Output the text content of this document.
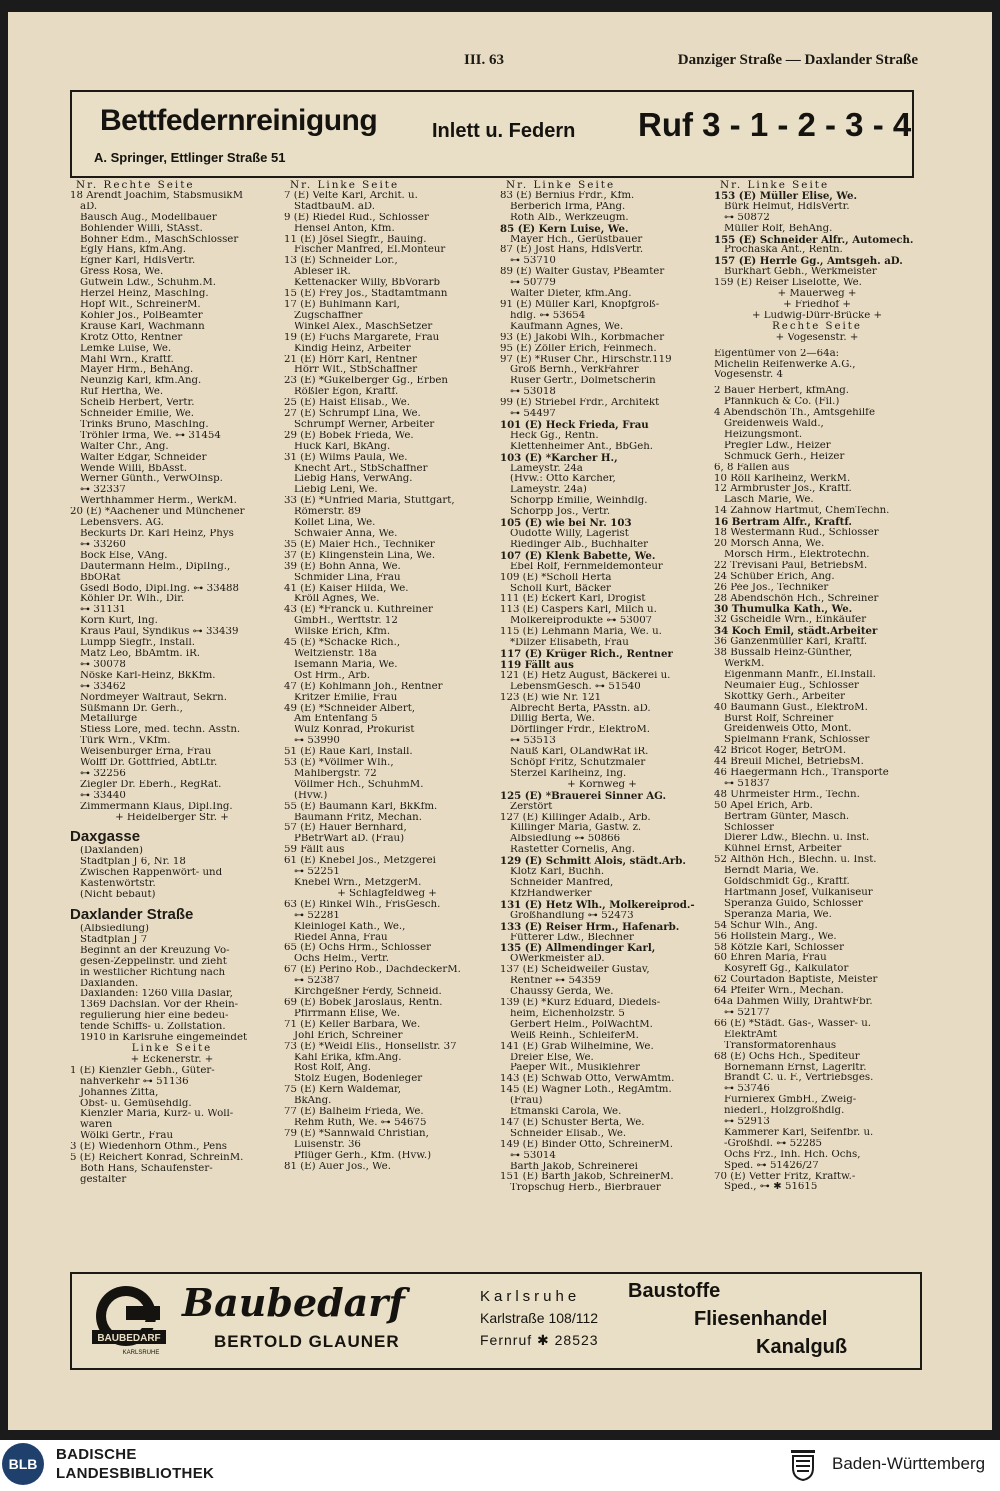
III. 63	Danziger Straße — Daxlander Straße
Bettfedernreinigung	Inlett u. Federn Ruf 3 - 1 - 2 - 3 - 4
A. Springer, Ettlinger Straße 51
Nr. Rechte Seite
18 Arendt Joachim, StabsmusikM
aD.
Bausch Aug., Modellbauer
Bohlender Willi, StAsst.
Bohner Edm., MaschSchlosser
Egly Hans, kfm.Ang.
Egner Karl, HdlsVertr.
Gress Rosa, We.
Gutwein Ldw., Schuhm.M.
Herzel Heinz, MaschIng.
Hopf Wlt., SchreinerM.
Kohler Jos., PolBeamter
Krause Karl, Wachmann
Krotz Otto, Rentner
Lemke Luise, We.
Mahl Wrn., Kraftf.
Mayer Hrm., BehAng.
Neunzig Karl, kfm.Ang.
Ruf Hertha, We.
Scheib Herbert, Vertr.
Schneider Emilie, We.
Trinks Bruno, MaschIng.
Tröhler Irma, We. ⊶ 31454
Walter Chr., Ang.
Walter Edgar, Schneider
Wende Willi, BbAsst.
Werner Günth., VerwOInsp.
⊶ 32337
Werthhammer Herm., WerkM.
20 (E) *Aachener und Münchener
Lebensvers. AG.
Beckurts Dr. Karl Heinz, Phys
⊶ 33260
Bock Else, VAng.
Dautermann Helm., DiplIng.,
BbORat
Gsedl Bodo, Dipl.Ing. ⊶ 33488
Köhler Dr. Wlh., Dir.
⊶ 31131
Korn Kurt, Ing.
Kraus Paul, Syndikus ⊶ 33439
Lumpp Siegfr., Install.
Matz Leo, BbAmtm. iR.
⊶ 30078
Nöske Karl-Heinz, BkKfm.
⊶ 33462
Nordmeyer Waltraut, Sekrn.
Süßmann Dr. Gerh.,
Metallurge
Stiess Lore, med. techn. Asstn.
Türk Wrn., VKfm.
Weisenburger Erna, Frau
Wolff Dr. Gottfried, AbtLtr.
⊶ 32256
Ziegler Dr. Eberh., RegRat.
⊶ 33440
Zimmermann Klaus, Dipl.Ing.
+ Heidelberger Str. +
Daxgasse
(Daxlanden)
Stadtplan J 6, Nr. 18
Zwischen Rappenwört- und
Kastenwörtstr.
(Nicht bebaut)
Daxlander Straße
(Albsiedlung)
Stadtplan J 7
Beginnt an der Kreuzung Vo-
gesen-Zeppelinstr. und zieht
in westlicher Richtung nach
Daxlanden.
Daxlanden: 1260 Villa Daslar,
1369 Dachslan. Vor der Rhein-
regulierung hier eine bedeu-
tende Schiffs- u. Zollstation.
1910 in Karlsruhe eingemeindet
Linke Seite
+ Eckenerstr. +
1 (E) Kienzler Gebh., Güter-
nahverkehr ⊶ 51136
Johannes Zitta,
Obst- u. Gemüsehdlg.
Kienzler Maria, Kurz- u. Woll-
waren
Wölki Gertr., Frau
3 (E) Wiedenhorn Othm., Pens
5 (E) Reichert Konrad, SchreinM.
Both Hans, Schaufenster-
gestalter
Nr. Linke Seite
7 (E) Velte Karl, Archit. u.
StadtbauM. aD.
9 (E) Riedel Rud., Schlosser
Hensel Anton, Kfm.
11 (E) Jösel Siegfr., Bauing.
Fischer Manfred, El.Monteur
13 (E) Schneider Lor.,
Ableser iR.
Kettenacker Willy, BbVorarb
15 (E) Frey Jos., Stadtamtmann
17 (E) Buhlmann Karl,
Zugschaffner
Winkel Alex., MaschSetzer
19 (E) Fuchs Margarete, Frau
Kindig Heinz, Arbeiter
21 (E) Hörr Karl, Rentner
Hörr Wlt., StbSchaffner
23 (E) *Gukelberger Gg., Erben
Rößler Egon, Kraftf.
25 (E) Haist Elisab., We.
27 (E) Schrumpf Lina, We.
Schrumpf Werner, Arbeiter
29 (E) Bobek Frieda, We.
Huck Karl, BkAng.
31 (E) Wilms Paula, We.
Knecht Art., StbSchaffner
Liebig Hans, VerwAng.
Liebig Leni, We.
33 (E) *Unfried Maria, Stuttgart,
Römerstr. 89
Kollet Lina, We.
Schwaier Anna, We.
35 (E) Maier Hch., Techniker
37 (E) Klingenstein Lina, We.
39 (E) Bohn Anna, We.
Schmider Lina, Frau
41 (E) Kaiser Hilda, We.
Kröll Agnes, We.
43 (E) *Franck u. Kuthreiner
GmbH., Werftstr. 12
Wilske Erich, Kfm.
45 (E) *Schacke Rich.,
Weltzienstr. 18a
Isemann Maria, We.
Ost Hrm., Arb.
47 (E) Kohlmann Joh., Rentner
Kritzer Emilie, Frau
49 (E) *Schneider Albert,
Am Entenfang 5
Wulz Konrad, Prokurist
⊶ 53990
51 (E) Raue Karl, Install.
53 (E) *Völlmer Wlh.,
Mahlbergstr. 72
Völlmer Hch., SchuhmM.
(Hvw.)
55 (E) Baumann Karl, BkKfm.
Baumann Fritz, Mechan.
57 (E) Hauer Bernhard,
PBetrWart aD. (Frau)
59 Fällt aus
61 (E) Knebel Jos., Metzgerei
⊶ 52251
Knebel Wrn., MetzgerM.
+ Schlagfeldweg +
63 (E) Rinkel Wlh., FrisGesch.
⊶ 52281
Kleinlogel Kath., We.,
Riedel Anna, Frau
65 (E) Ochs Hrm., Schlosser
Ochs Helm., Vertr.
67 (E) Perino Rob., DachdeckerM.
⊶ 52387
Kirchgeßner Ferdy, Schneid.
69 (E) Bobek Jaroslaus, Rentn.
Pfirrmann Elise, We.
71 (E) Keller Barbara, We.
Johl Erich, Schreiner
73 (E) *Weidl Elis., Honsellstr. 37
Kahl Erika, kfm.Ang.
Rost Rolf, Ang.
Stolz Eugen, Bodenleger
75 (E) Kern Waldemar,
BkAng.
77 (E) Balheim Frieda, We.
Rehm Ruth, We. ⊶ 54675
79 (E) *Sannwald Christian,
Luisenstr. 36
Pflüger Gerh., Kfm. (Hvw.)
81 (E) Auer Jos., We.
Nr. Linke Seite
83 (E) Bernius Frdr., Kfm.
Berberich Irma, PAng.
Roth Alb., Werkzeugm.
85 (E) Kern Luise, We.
Mayer Hch., Gerüstbauer
87 (E) Jost Hans, HdlsVertr.
⊶ 53710
89 (E) Walter Gustav, PBeamter
⊶ 50779
Walter Dieter, kfm.Ang.
91 (E) Müller Karl, Knopfgroß-
hdlg. ⊶ 53654
Kaufmann Agnes, We.
93 (E) Jakobi Wlh., Korbmacher
95 (E) Zöller Erich, Feinmech.
97 (E) *Ruser Chr., Hirschstr.119
Groß Bernh., VerkFahrer
Ruser Gertr., Dolmetscherin
⊶ 53018
99 (E) Striebel Frdr., Architekt
⊶ 54497
101 (E) Heck Frieda, Frau
Heck Gg., Rentn.
Klettenheimer Ant., BbGeh.
103 (E) *Karcher H.,
Lameystr. 24a
(Hvw.: Otto Karcher,
Lameystr. 24a)
Schorpp Emilie, Weinhdlg.
Schorpp Jos., Vertr.
105 (E) wie bei Nr. 103
Oudotte Willy, Lagerist
Riedinger Alb., Buchhalter
107 (E) Klenk Babette, We.
Ebel Rolf, Fernmeldemonteur
109 (E) *Scholl Herta
Scholl Kurt, Bäcker
111 (E) Eckert Karl, Drogist
113 (E) Caspers Karl, Milch u.
Molkereiprodukte ⊶ 53007
115 (E) Lehmann Maria, We. u.
*Dilzer Elisabeth, Frau
117 (E) Krüger Rich., Rentner
119 Fällt aus
121 (E) Hetz August, Bäckerei u.
LebensmGesch. ⊶ 51540
123 (E) wie Nr. 121
Albrecht Berta, PAsstn. aD.
Dillig Berta, We.
Dörflinger Frdr., ElektroM.
⊶ 53513
Nauß Karl, OLandwRat iR.
Schöpf Fritz, Schutzmaler
Sterzel Karlheinz, Ing.
+ Kornweg +
125 (E) *Brauerei Sinner AG.
Zerstört
127 (E) Killinger Adalb., Arb.
Killinger Maria, Gastw. z.
Albsiedlung ⊶ 50866
Rastetter Cornelis, Ang.
129 (E) Schmitt Alois, städt.Arb.
Klotz Karl, Buchh.
Schneider Manfred,
KfzHandwerker
131 (E) Hetz Wlh., Molkereiprod.-
Großhandlung ⊶ 52473
133 (E) Reiser Hrm., Hafenarb.
Fütterer Ldw., Blechner
135 (E) Allmendinger Karl,
OWerkmeister aD.
137 (E) Scheidweiler Gustav,
Rentner ⊶ 54359
Chaussy Gerda, We.
139 (E) *Kurz Eduard, Diedels-
heim, Eichenholzstr. 5
Gerbert Helm., PolWachtM.
Weiß Reinh., SchleiferM.
141 (E) Grab Wilhelmine, We.
Dreier Else, We.
Paeper Wlt., Musiklehrer
143 (E) Schwab Otto, VerwAmtm.
145 (E) Wagner Loth., RegAmtm.
(Frau)
Etmanski Carola, We.
147 (E) Schuster Berta, We.
Schneider Elisab., We.
149 (E) Binder Otto, SchreinerM.
⊶ 53014
Barth Jakob, Schreinerei
151 (E) Barth Jakob, SchreinerM.
Tropschug Herb., Bierbrauer
Nr. Linke Seite
153 (E) Müller Elise, We.
Bürk Helmut, HdlsVertr.
⊶ 50872
Müller Rolf, BehAng.
155 (E) Schneider Alfr., Automech.
Prochaska Ant., Rentn.
157 (E) Herrle Gg., Amtsgeh. aD.
Burkhart Gebh., Werkmeister
159 (E) Reiser Liselotte, We.
+ Mauerweg +
+ Friedhof +
+ Ludwig-Dürr-Brücke +
Rechte Seite
+ Vogesenstr. +
Eigentümer von 2—64a:
Michelin Reifenwerke A.G.,
Vogesenstr. 4
2 Bauer Herbert, kfmAng.
Pfannkuch & Co. (Fil.)
4 Abendschön Th., Amtsgehilfe
Greidenweis Wald.,
Heizungsmont.
Pregler Ldw., Heizer
Schmuck Gerh., Heizer
6, 8 Fallen aus
10 Röll Karlheinz, WerkM.
12 Armbruster Jos., Kraftf.
Lasch Marie, We.
14 Zahnow Hartmut, ChemTechn.
16 Bertram Alfr., Kraftf.
18 Westermann Rud., Schlosser
20 Morsch Anna, We.
Morsch Hrm., Elektrotechn.
22 Trévisani Paul, BetriebsM.
24 Schüber Erich, Ang.
26 Pée Jos., Techniker
28 Abendschön Hch., Schreiner
30 Thumulka Kath., We.
32 Gscheidle Wrn., Einkäufer
34 Koch Emil, städt.Arbeiter
36 Ganzenmüller Karl, Kraftf.
38 Bussalb Heinz-Günther,
WerkM.
Eigenmann Manfr., El.Install.
Neumaier Eug., Schlosser
Skottky Gerh., Arbeiter
40 Baumann Gust., ElektroM.
Burst Rolf, Schreiner
Greidenweis Otto, Mont.
Spielmann Frank, Schlosser
42 Bricot Roger, BetrOM.
44 Breuil Michel, BetriebsM.
46 Haegermann Hch., Transporte
⊶ 51837
48 Uhrmeister Hrm., Techn.
50 Apel Erich, Arb.
Bertram Günter, Masch.
Schlosser
Dierer Ldw., Blechn. u. Inst.
Kühnel Ernst, Arbeiter
52 Althön Hch., Blechn. u. Inst.
Berndt Maria, We.
Goldschmidt Gg., Kraftf.
Hartmann Josef, Vulkaniseur
Speranza Guido, Schlosser
Speranza Maria, We.
54 Schur Wlh., Ang.
56 Hollstein Marg., We.
58 Kötzle Karl, Schlosser
60 Ehren Maria, Frau
Kosyreff Gg., Kalkulator
62 Courtadon Baptiste, Meister
64 Pfeifer Wrn., Mechan.
64a Dahmen Willy, DrahtwFbr.
⊶ 52177
66 (E) *Städt. Gas-, Wasser- u.
ElektrAmt
Transformatorenhaus
68 (E) Ochs Hch., Spediteur
Bornemann Ernst, Lagerltr.
Brandt C. u. F., Vertriebsges.
⊶ 53746
Furnierex GmbH., Zweig-
niederl., Holzgroßhdlg.
⊶ 52913
Kammerer Karl, Seifenfbr. u.
-Großhdl. ⊶ 52285
Ochs Frz., Inh. Hch. Ochs,
Sped. ⊶ 51426/27
70 (E) Vetter Fritz, Kraftw.-
Sped., ⊶ ✱ 51615
BAUBEDARF
KARLSRUHE
Baubedarf
BERTOLD GLAUNER
Karlsruhe
Karlstraße 108/112
Fernruf ✱ 28523
Baustoffe
Fliesenhandel
Kanalguß
BLB
BADISCHE
LANDESBIBLIOTHEK
Baden-Württemberg
